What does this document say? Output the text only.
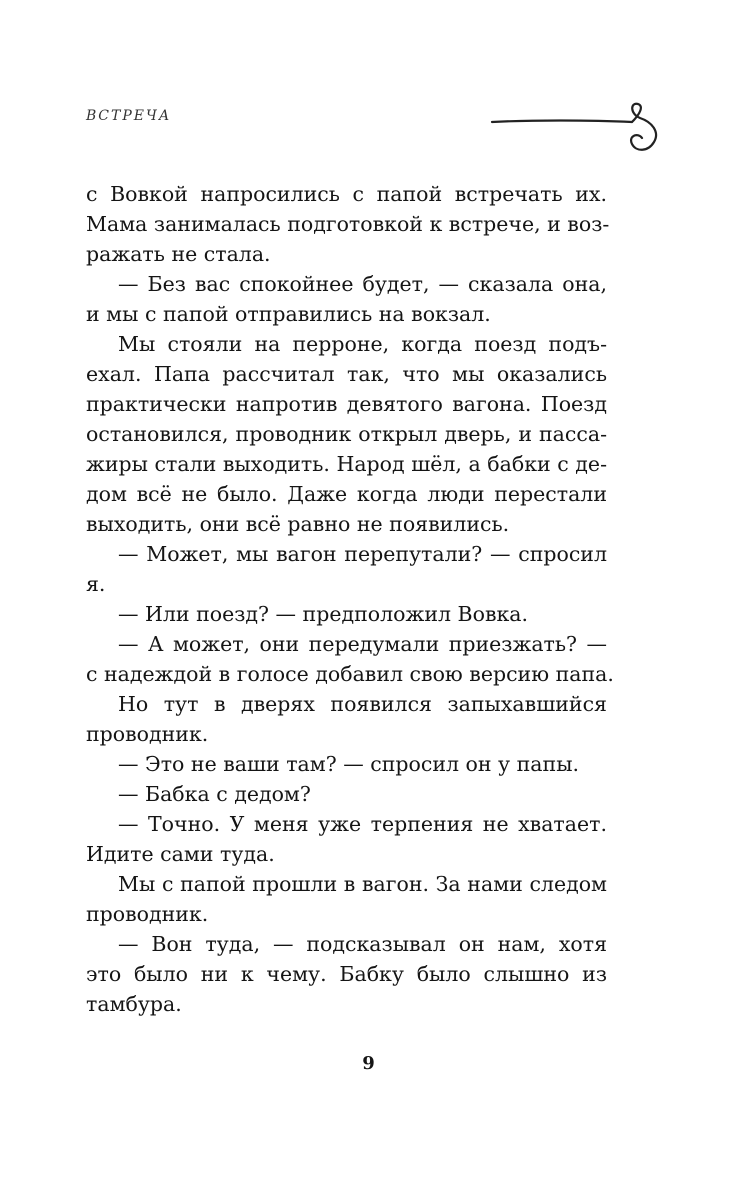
ВСТРЕЧА
с Вовкой напросились с папой встречать их.
Мама занималась подготовкой к встрече, и воз-
ражать не стала.
— Без вас спокойнее будет, — сказала она,
и мы с папой отправились на вокзал.
Мы стояли на перроне, когда поезд подъ-
ехал. Папа рассчитал так, что мы оказались
практически напротив девятого вагона. Поезд
остановился, проводник открыл дверь, и пасса-
жиры стали выходить. Народ шёл, а бабки с де-
дом всё не было. Даже когда люди перестали
выходить, они всё равно не появились.
— Может, мы вагон перепутали? — спросил
я.
— Или поезд? — предположил Вовка.
— А может, они передумали приезжать? —
с надеждой в голосе добавил свою версию папа.
Но тут в дверях появился запыхавшийся
проводник.
— Это не ваши там? — спросил он у папы.
— Бабка с дедом?
— Точно. У меня уже терпения не хватает.
Идите сами туда.
Мы с папой прошли в вагон. За нами следом
проводник.
— Вон туда, — подсказывал он нам, хотя
это было ни к чему. Бабку было слышно из
тамбура.
9
